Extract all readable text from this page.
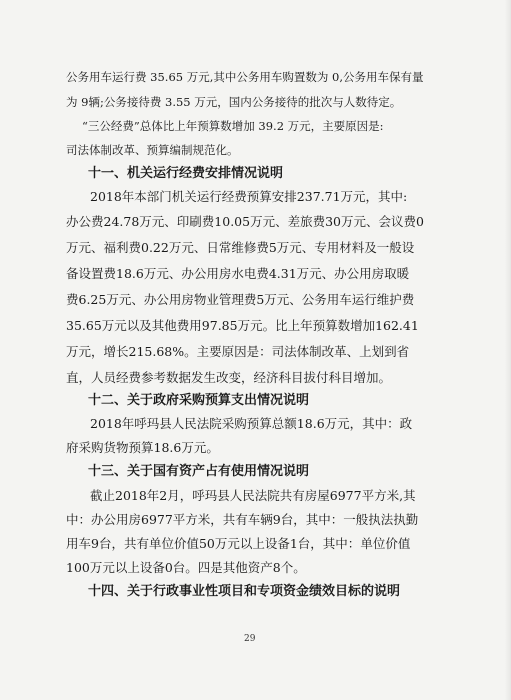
公务用车运行费 35.65 万元,其中公务用车购置数为 0,公务用车保有量
为 9辆;公务接待费 3.55 万元，国内公务接待的批次与人数待定。
“三公经费”总体比上年预算数增加 39.2 万元，主要原因是:
司法体制改革、预算编制规范化。
十一、机关运行经费安排情况说明
2018年本部门机关运行经费预算安排237.71万元，其中:
办公费24.78万元、印刷费10.05万元、差旅费30万元、会议费0
万元、福利费0.22万元、日常维修费5万元、专用材料及一般设
备设置费18.6万元、办公用房水电费4.31万元、办公用房取暖
费6.25万元、办公用房物业管理费5万元、公务用车运行维护费
35.65万元以及其他费用97.85万元。比上年预算数增加162.41
万元，增长215.68%。主要原因是：司法体制改革、上划到省
直，人员经费参考数据发生改变，经济科目拔付科目增加。
十二、关于政府采购预算支出情况说明
2018年呼玛县人民法院采购预算总额18.6万元，其中：政
府采购货物预算18.6万元。
十三、关于国有资产占有使用情况说明
截止2018年2月，呼玛县人民法院共有房屋6977平方米,其
中：办公用房6977平方米，共有车辆9台，其中：一般执法执勤
用车9台，共有单位价值50万元以上设备1台，其中：单位价值
100万元以上设备0台。四是其他资产8个。
十四、关于行政事业性项目和专项资金绩效目标的说明
29
